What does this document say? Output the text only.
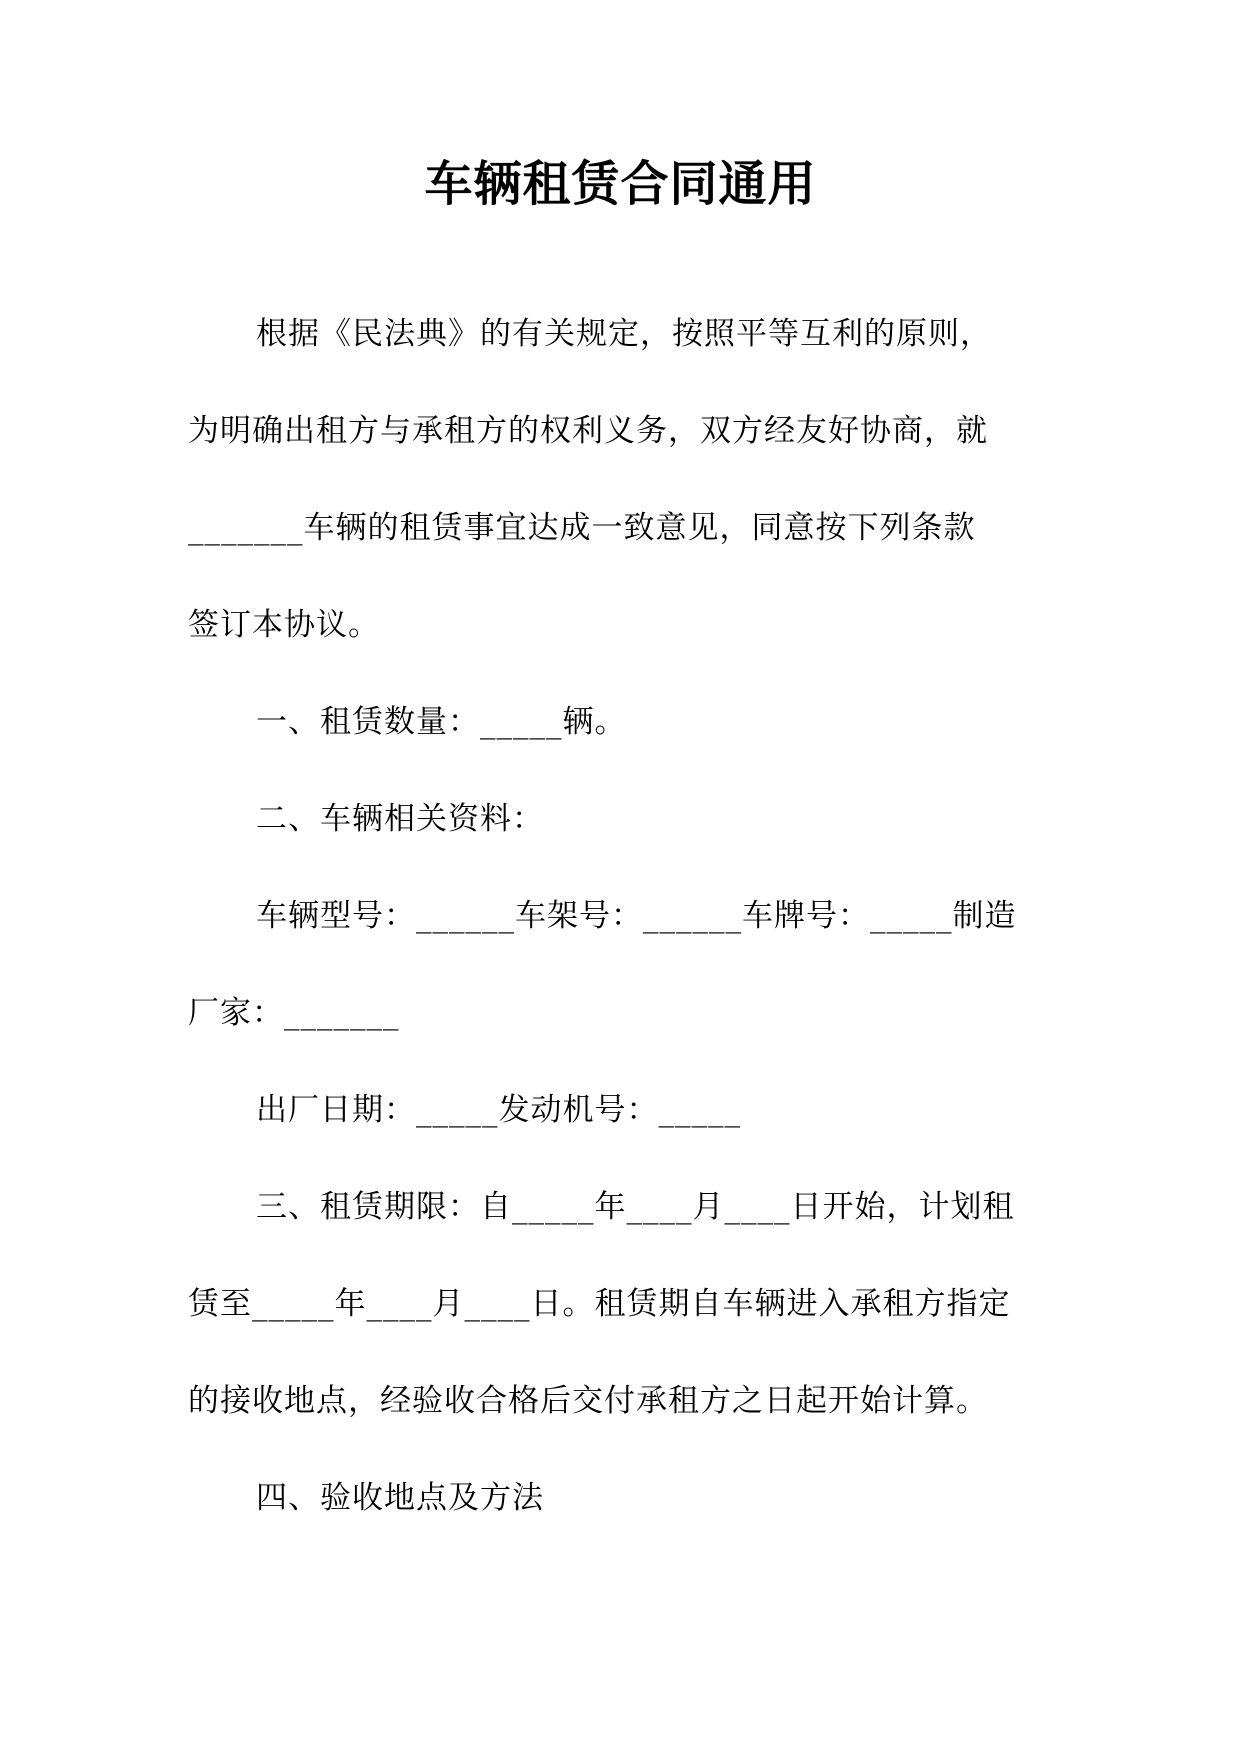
车辆租赁合同通用
根据《民法典》的有关规定，按照平等互利的原则，
为明确出租方与承租方的权利义务，双方经友好协商，就
_______车辆的租赁事宜达成一致意见，同意按下列条款
签订本协议。
一、租赁数量：_____辆。
二、车辆相关资料：
车辆型号：______车架号：______车牌号：_____制造
厂家：_______
出厂日期：_____发动机号：_____
三、租赁期限：自_____年____月____日开始，计划租
赁至_____年____月____日。租赁期自车辆进入承租方指定
的接收地点，经验收合格后交付承租方之日起开始计算。
四、验收地点及方法
